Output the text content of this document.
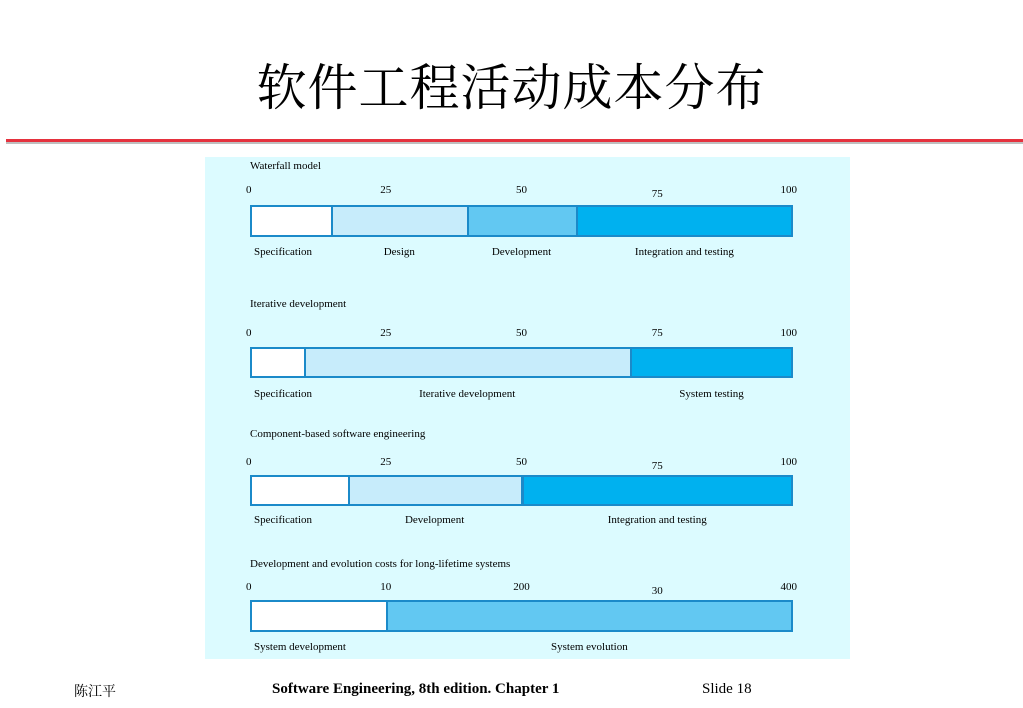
软件工程活动成本分布
Waterfall model
0	25	50	75	100
Specification	Design	Development	Integration and testing
Iterative development
0	25	50	75	100
Specification	Iterative development	System testing
Component-based software engineering
0	25	50	75	100
Specification	Development	Integration and testing
Development and evolution costs for long-lifetime systems
0	10	200	30	400
System development	System evolution
陈江平	Software Engineering, 8th edition. Chapter 1	Slide 18
